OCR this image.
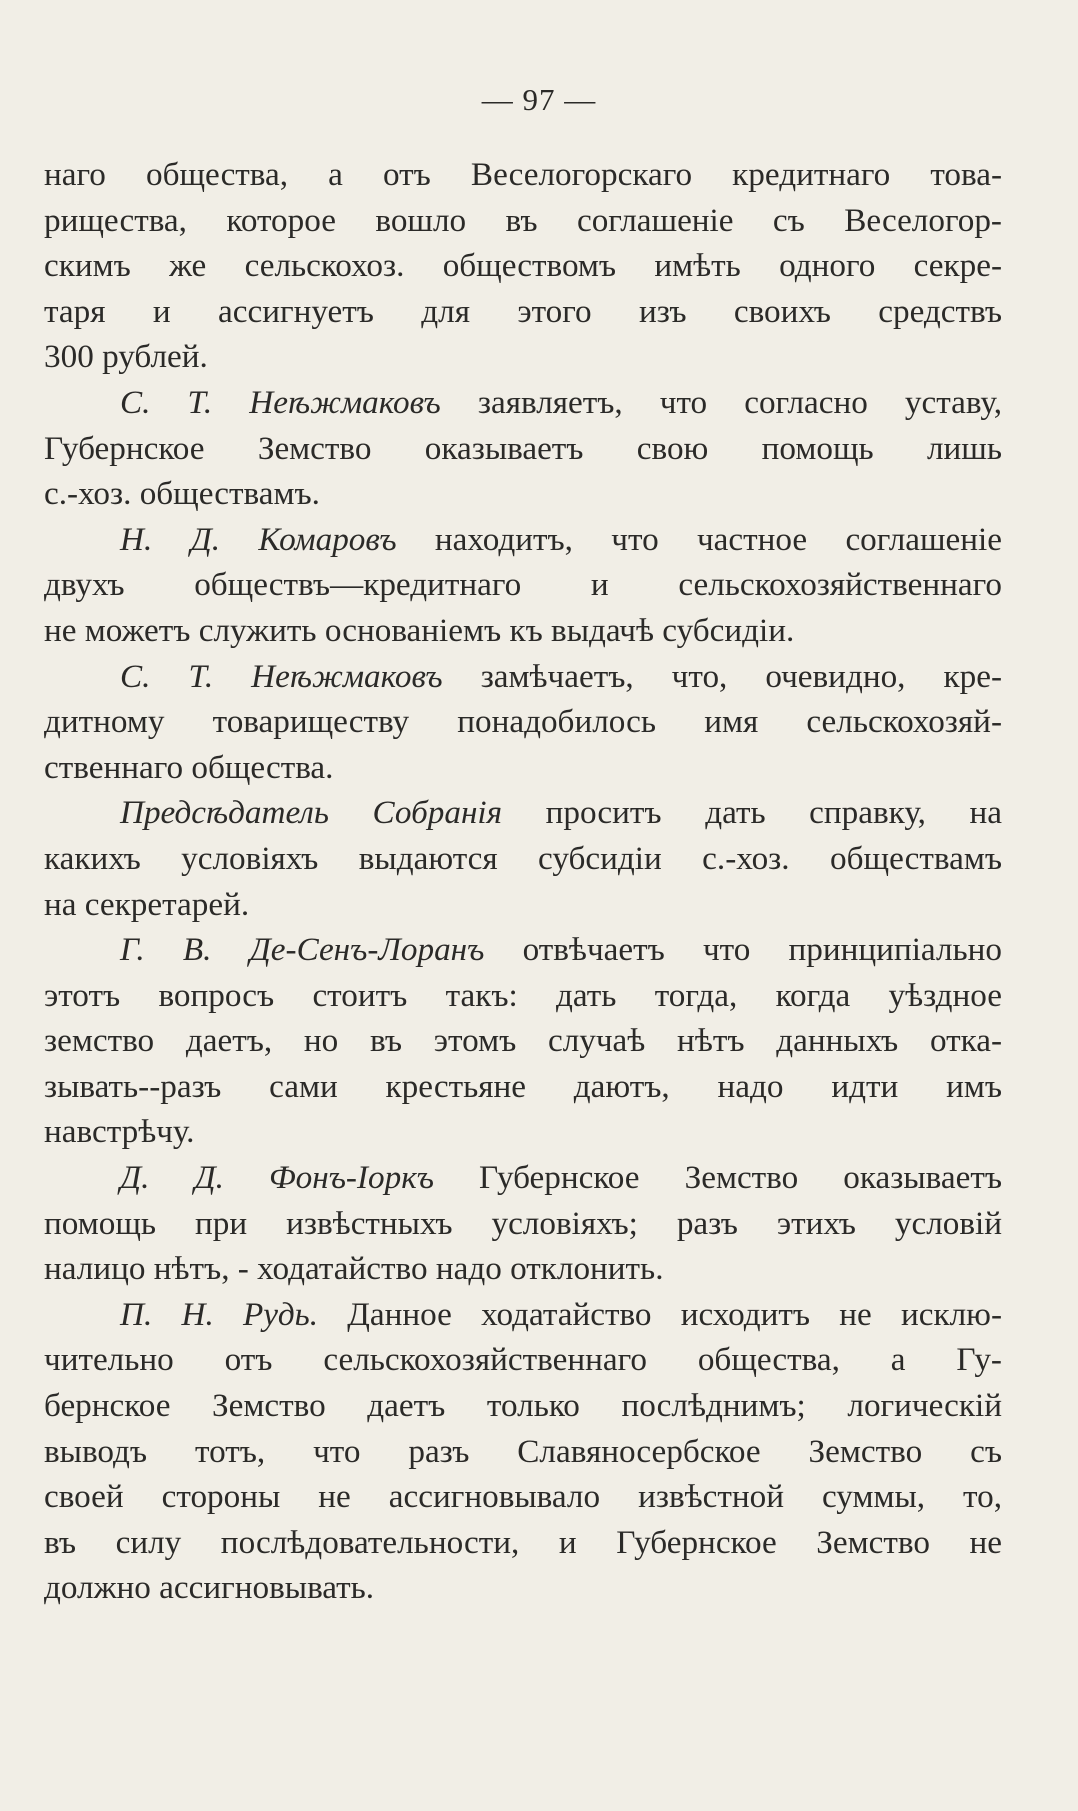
— 97 —
наго общества, а отъ Веселогорскаго кредитнаго това-
рищества, которое вошло въ соглашеніе съ Веселогор-
скимъ же сельскохоз. обществомъ имѣть одного секре-
таря и ассигнуетъ для этого изъ своихъ средствъ
300 рублей.
С. Т. Неѣжмаковъ заявляетъ, что согласно уставу,
Губернское Земство оказываетъ свою помощь лишь
с.-хоз. обществамъ.
Н. Д. Комаровъ находитъ, что частное соглашеніе
двухъ обществъ—кредитнаго и сельскохозяйственнаго
не можетъ служить основаніемъ къ выдачѣ субсидіи.
С. Т. Неѣжмаковъ замѣчаетъ, что, очевидно, кре-
дитному товариществу понадобилось имя сельскохозяй-
ственнаго общества.
Предсѣдатель Собранія проситъ дать справку, на
какихъ условіяхъ выдаются субсидіи с.-хоз. обществамъ
на секретарей.
Г. В. Де-Сенъ-Лоранъ отвѣчаетъ что принципіально
этотъ вопросъ стоитъ такъ: дать тогда, когда уѣздное
земство даетъ, но въ этомъ случаѣ нѣтъ данныхъ отка-
зывать--разъ сами крестьяне даютъ, надо идти имъ
навстрѣчу.
Д. Д. Фонъ-Іоркъ Губернское Земство оказываетъ
помощь при извѣстныхъ условіяхъ; разъ этихъ условій
налицо нѣтъ, - ходатайство надо отклонить.
П. Н. Рудь. Данное ходатайство исходитъ не исклю-
чительно отъ сельскохозяйственнаго общества, а Гу-
бернское Земство даетъ только послѣднимъ; логическій
выводъ тотъ, что разъ Славяносербское Земство съ
своей стороны не ассигновывало извѣстной суммы, то,
въ силу послѣдовательности, и Губернское Земство не
должно ассигновывать.
